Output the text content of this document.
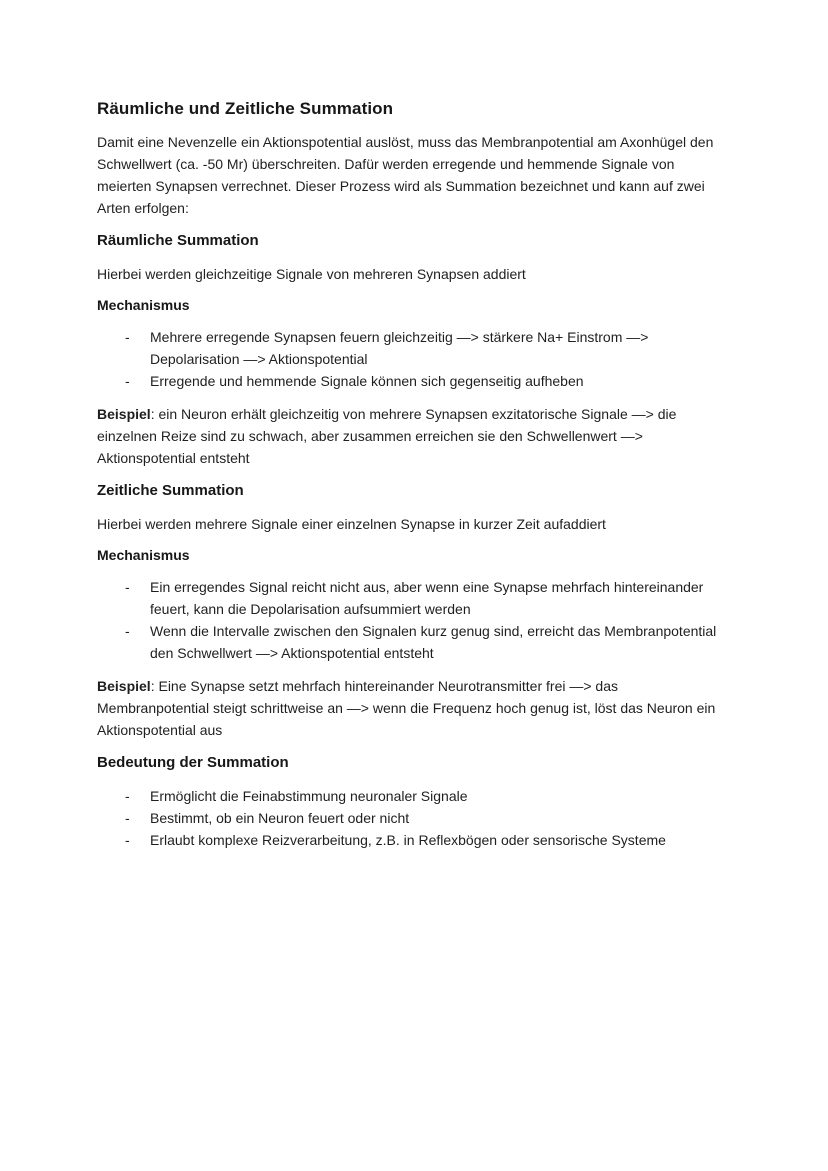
Räumliche und Zeitliche Summation

Damit eine Nevenzelle ein Aktionspotential auslöst, muss das Membranpotential am Axonhügel den Schwellwert (ca. -50 Mr) überschreiten. Dafür werden erregende und hemmende Signale von meierten Synapsen verrechnet. Dieser Prozess wird als Summation bezeichnet und kann auf zwei Arten erfolgen:

Räumliche Summation

Hierbei werden gleichzeitige Signale von mehreren Synapsen addiert

Mechanismus
- Mehrere erregende Synapsen feuern gleichzeitig —> stärkere Na+ Einstrom —> Depolarisation —> Aktionspotential
- Erregende und hemmende Signale können sich gegenseitig aufheben

Beispiel: ein Neuron erhält gleichzeitig von mehrere Synapsen exzitatorische Signale —> die einzelnen Reize sind zu schwach, aber zusammen erreichen sie den Schwellenwert —> Aktionspotential entsteht

Zeitliche Summation

Hierbei werden mehrere Signale einer einzelnen Synapse in kurzer Zeit aufaddiert

Mechanismus
- Ein erregendes Signal reicht nicht aus, aber wenn eine Synapse mehrfach hintereinander feuert, kann die Depolarisation aufsummiert werden
- Wenn die Intervalle zwischen den Signalen kurz genug sind, erreicht das Membranpotential den Schwellwert —> Aktionspotential entsteht

Beispiel: Eine Synapse setzt mehrfach hintereinander Neurotransmitter frei —> das Membranpotential steigt schrittweise an —> wenn die Frequenz hoch genug ist, löst das Neuron ein Aktionspotential aus

Bedeutung der Summation
- Ermöglicht die Feinabstimmung neuronaler Signale
- Bestimmt, ob ein Neuron feuert oder nicht
- Erlaubt komplexe Reizverarbeitung, z.B. in Reflexbögen oder sensorische Systeme
